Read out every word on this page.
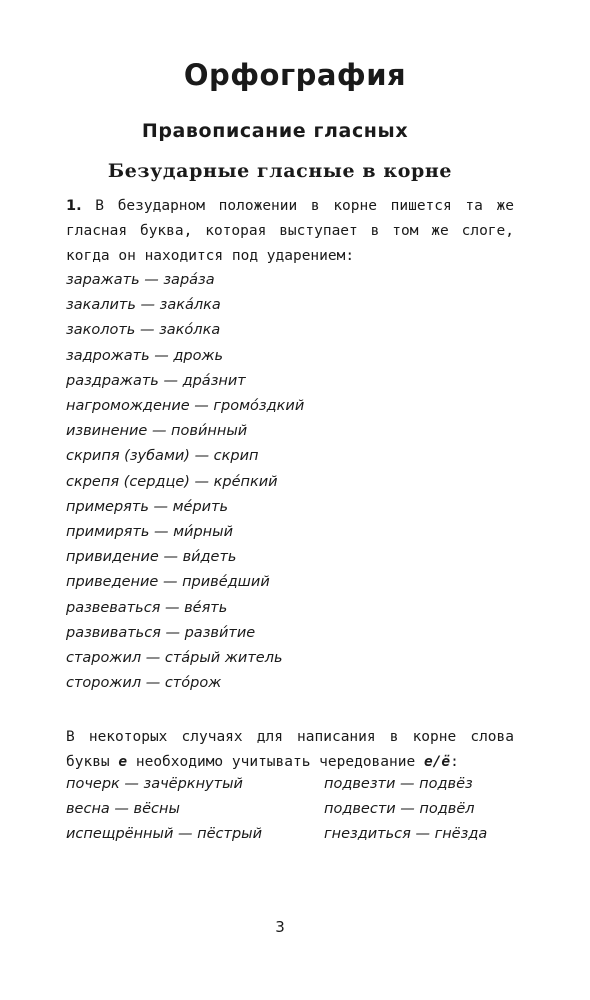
Орфография
Правописание гласных
Безударные гласные в корне
1. В безударном положении в корне пишется та же гласная буква, которая выступает в том же слоге, когда он находится под ударением:
заражать — зара́за
закалить — зака́лка
заколоть — зако́лка
задрожать — дрожь
раздражать — дра́знит
нагромождение — громо́здкий
извинение — пови́нный
скрипя (зубами) — скрип
скрепя (сердце) — кре́пкий
примерять — ме́рить
примирять — ми́рный
привидение — ви́деть
приведение — приве́дший
развеваться — ве́ять
развиваться — разви́тие
старожил — ста́рый житель
сторожил — сто́рож
В некоторых случаях для написания в корне слова буквы е необходимо учитывать чередование е/ё:
почерк — зачёркнутый
весна — вёсны
испещрённый — пёстрый
подвезти — подвёз
подвести — подвёл
гнездиться — гнёзда
3
